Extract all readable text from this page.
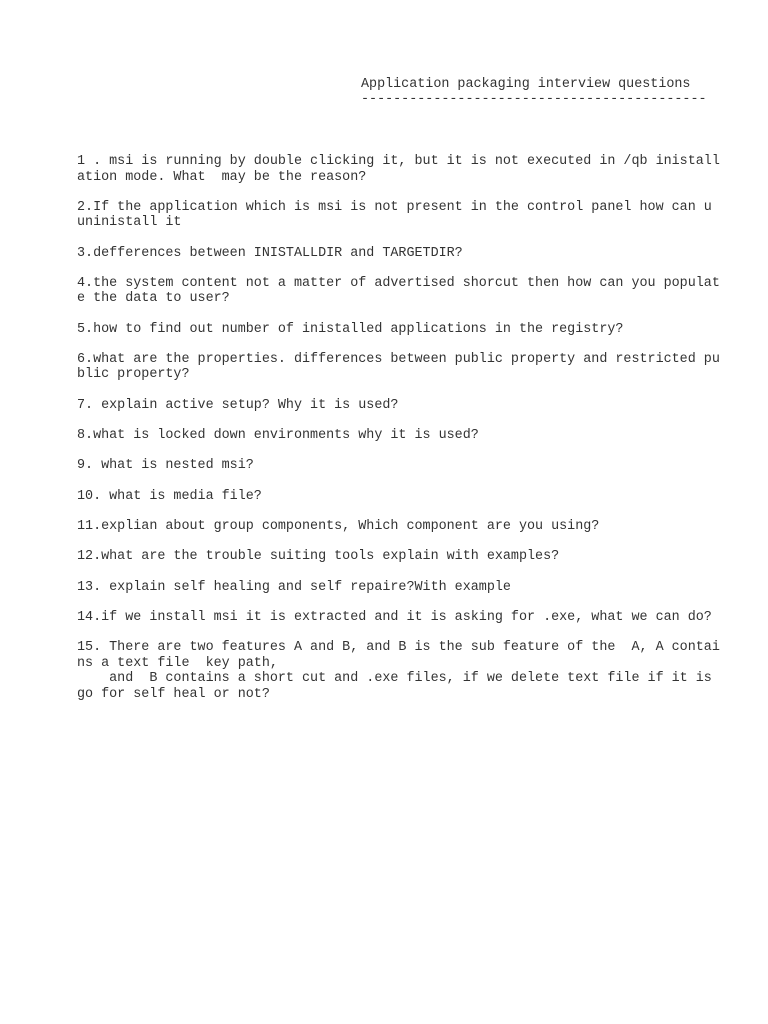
Application packaging interview questions
-------------------------------------------
1 . msi is running by double clicking it, but it is not executed in /qb inistall
ation mode. What  may be the reason?
2.If the application which is msi is not present in the control panel how can u
uninistall it
3.defferences between INISTALLDIR and TARGETDIR?
4.the system content not a matter of advertised shorcut then how can you populat
e the data to user?
5.how to find out number of inistalled applications in the registry?
6.what are the properties. differences between public property and restricted pu
blic property?
7. explain active setup? Why it is used?
8.what is locked down environments why it is used?
9. what is nested msi?
10. what is media file?
11.explian about group components, Which component are you using?
12.what are the trouble suiting tools explain with examples?
13. explain self healing and self repaire?With example
14.if we install msi it is extracted and it is asking for .exe, what we can do?
15. There are two features A and B, and B is the sub feature of the  A, A contai
ns a text file  key path,
and  B contains a short cut and .exe files, if we delete text file if it is
go for self heal or not?
